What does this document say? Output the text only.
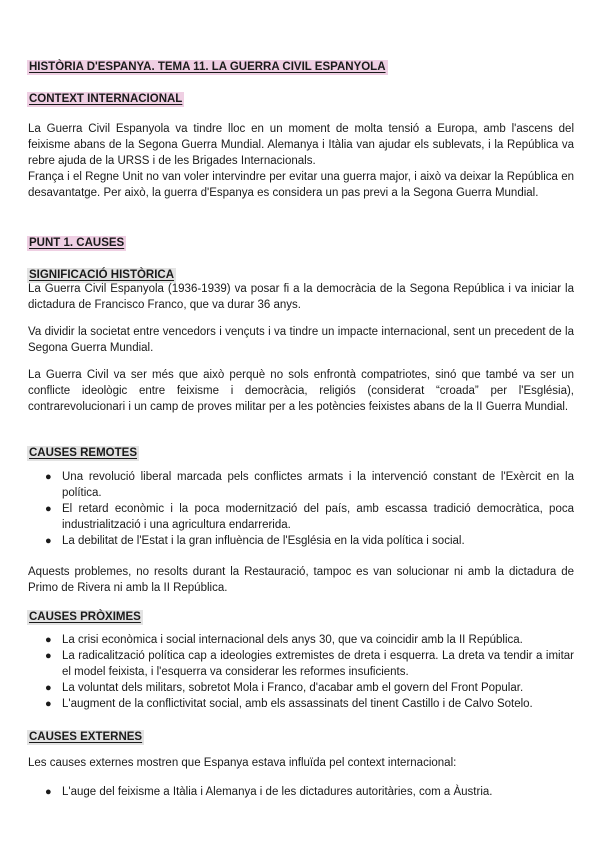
HISTÒRIA D'ESPANYA. TEMA 11. LA GUERRA CIVIL ESPANYOLA
CONTEXT INTERNACIONAL

La Guerra Civil Espanyola va tindre lloc en un moment de molta tensió a Europa, amb l'ascens del feixisme abans de la Segona Guerra Mundial. Alemanya i Itàlia van ajudar els sublevats, i la República va rebre ajuda de la URSS i de les Brigades Internacionals.

França i el Regne Unit no van voler intervindre per evitar una guerra major, i això va deixar la República en desavantatge. Per això, la guerra d'Espanya es considera un pas previ a la Segona Guerra Mundial.

PUNT 1. CAUSES
SIGNIFICACIÓ HISTÒRICA

La Guerra Civil Espanyola (1936-1939) va posar fi a la democràcia de la Segona República i va iniciar la dictadura de Francisco Franco, que va durar 36 anys.

Va dividir la societat entre vencedors i vençuts i va tindre un impacte internacional, sent un precedent de la Segona Guerra Mundial.

La Guerra Civil va ser més que això perquè no sols enfrontà compatriotes, sinó que també va ser un conflicte ideològic entre feixisme i democràcia, religiós (considerat “croada” per l'Església), contrarevolucionari i un camp de proves militar per a les potències feixistes abans de la II Guerra Mundial.

CAUSES REMOTES
● Una revolució liberal marcada pels conflictes armats i la intervenció constant de l'Exèrcit en la política.
● El retard econòmic i la poca modernització del país, amb escassa tradició democràtica, poca industrialització i una agricultura endarrerida.
● La debilitat de l'Estat i la gran influència de l'Església en la vida política i social.

Aquests problemes, no resolts durant la Restauració, tampoc es van solucionar ni amb la dictadura de Primo de Rivera ni amb la II República.

CAUSES PRÒXIMES
● La crisi econòmica i social internacional dels anys 30, que va coincidir amb la II República.
● La radicalització política cap a ideologies extremistes de dreta i esquerra. La dreta va tendir a imitar el model feixista, i l'esquerra va considerar les reformes insuficients.
● La voluntat dels militars, sobretot Mola i Franco, d'acabar amb el govern del Front Popular.
● L'augment de la conflictivitat social, amb els assassinats del tinent Castillo i de Calvo Sotelo.
CAUSES EXTERNES

Les causes externes mostren que Espanya estava influïda pel context internacional:

● L'auge del feixisme a Itàlia i Alemanya i de les dictadures autoritàries, com a Àustria.
